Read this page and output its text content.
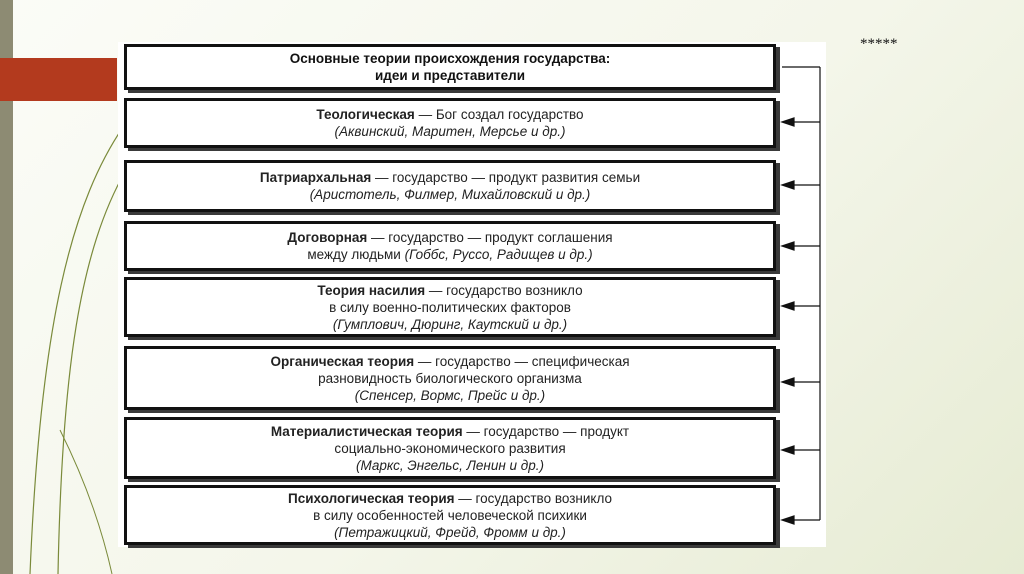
*****
Основные теории происхождения государства:
идеи и представители
Теологическая — Бог создал государство
(Аквинский, Маритен, Мерсье и др.)
Патриархальная — государство — продукт развития семьи
(Аристотель, Филмер, Михайловский и др.)
Договорная — государство — продукт соглашения
между людьми (Гоббс, Руссо, Радищев и др.)
Теория насилия — государство возникло
в силу военно-политических факторов
(Гумплович, Дюринг, Каутский и др.)
Органическая теория — государство — специфическая
разновидность биологического организма
(Спенсер, Вормс, Прейс и др.)
Материалистическая теория — государство — продукт
социально-экономического развития
(Маркс, Энгельс, Ленин и др.)
Психологическая теория — государство возникло
в силу особенностей человеческой психики
(Петражицкий, Фрейд, Фромм и др.)
